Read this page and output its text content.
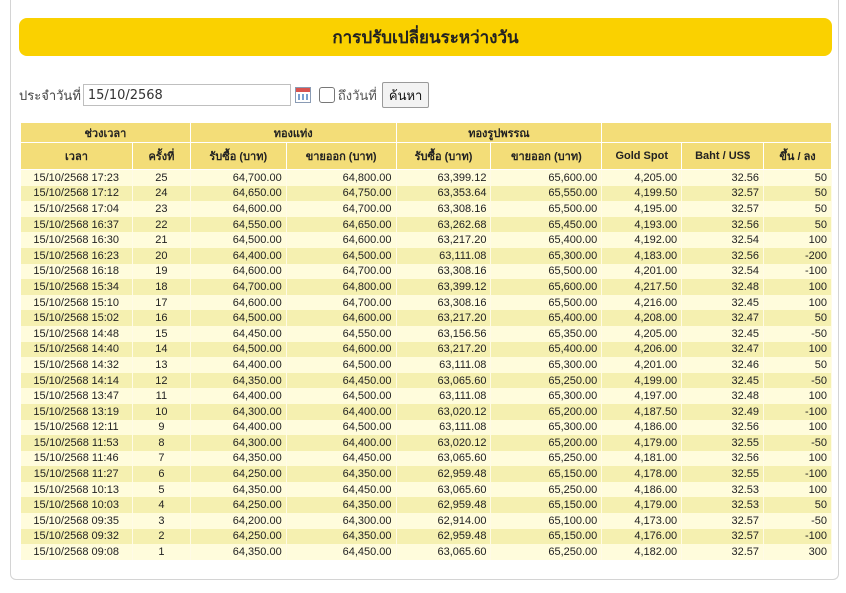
การปรับเปลี่ยนระหว่างวัน
ประจำวันที่
15/10/2568	ถึงวันที่ ค้นหา
ช่วงเวลา		ทองแท่ง		ทองรูปพรรณ				
เวลา	ครั้งที่	รับซื้อ (บาท)	ขายออก (บาท)	รับซื้อ (บาท)	ขายออก (บาท)	Gold Spot	Baht / US$	ขึ้น / ลง
15/10/2568 17:23	25	64,700.00	64,800.00	63,399.12	65,600.00	4,205.00	32.56	50
15/10/2568 17:12	24	64,650.00	64,750.00	63,353.64	65,550.00	4,199.50	32.57	50
15/10/2568 17:04	23	64,600.00	64,700.00	63,308.16	65,500.00	4,195.00	32.57	50
15/10/2568 16:37	22	64,550.00	64,650.00	63,262.68	65,450.00	4,193.00	32.56	50
15/10/2568 16:30	21	64,500.00	64,600.00	63,217.20	65,400.00	4,192.00	32.54	100
15/10/2568 16:23	20	64,400.00	64,500.00	63,111.08	65,300.00	4,183.00	32.56	-200
15/10/2568 16:18	19	64,600.00	64,700.00	63,308.16	65,500.00	4,201.00	32.54	-100
15/10/2568 15:34	18	64,700.00	64,800.00	63,399.12	65,600.00	4,217.50	32.48	100
15/10/2568 15:10	17	64,600.00	64,700.00	63,308.16	65,500.00	4,216.00	32.45	100
15/10/2568 15:02	16	64,500.00	64,600.00	63,217.20	65,400.00	4,208.00	32.47	50
15/10/2568 14:48	15	64,450.00	64,550.00	63,156.56	65,350.00	4,205.00	32.45	-50
15/10/2568 14:40	14	64,500.00	64,600.00	63,217.20	65,400.00	4,206.00	32.47	100
15/10/2568 14:32	13	64,400.00	64,500.00	63,111.08	65,300.00	4,201.00	32.46	50
15/10/2568 14:14	12	64,350.00	64,450.00	63,065.60	65,250.00	4,199.00	32.45	-50
15/10/2568 13:47	11	64,400.00	64,500.00	63,111.08	65,300.00	4,197.00	32.48	100
15/10/2568 13:19	10	64,300.00	64,400.00	63,020.12	65,200.00	4,187.50	32.49	-100
15/10/2568 12:11	9	64,400.00	64,500.00	63,111.08	65,300.00	4,186.00	32.56	100
15/10/2568 11:53	8	64,300.00	64,400.00	63,020.12	65,200.00	4,179.00	32.55	-50
15/10/2568 11:46	7	64,350.00	64,450.00	63,065.60	65,250.00	4,181.00	32.56	100
15/10/2568 11:27	6	64,250.00	64,350.00	62,959.48	65,150.00	4,178.00	32.55	-100
15/10/2568 10:13	5	64,350.00	64,450.00	63,065.60	65,250.00	4,186.00	32.53	100
15/10/2568 10:03	4	64,250.00	64,350.00	62,959.48	65,150.00	4,179.00	32.53	50
15/10/2568 09:35	3	64,200.00	64,300.00	62,914.00	65,100.00	4,173.00	32.57	-50
15/10/2568 09:32	2	64,250.00	64,350.00	62,959.48	65,150.00	4,176.00	32.57	-100
15/10/2568 09:08	1	64,350.00	64,450.00	63,065.60	65,250.00	4,182.00	32.57	300
